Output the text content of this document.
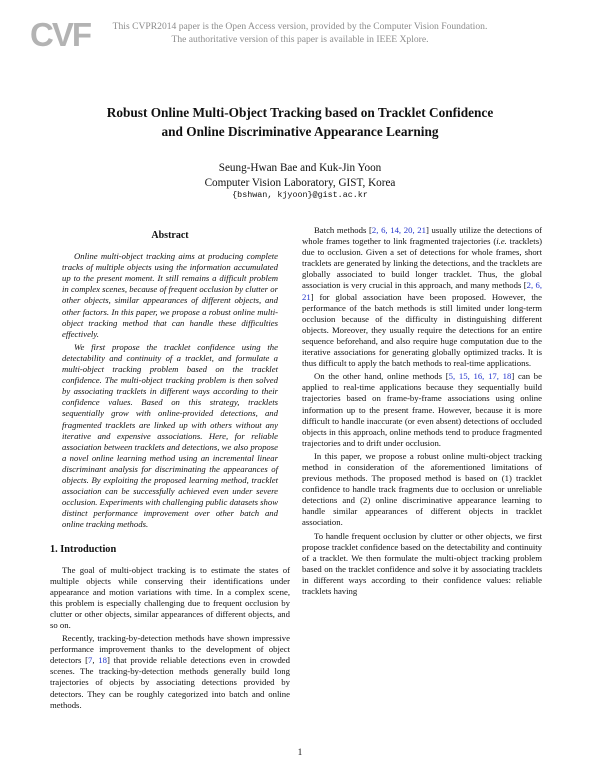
CVF This CVPR2014 paper is the Open Access version, provided by the Computer Vision Foundation.
The authoritative version of this paper is available in IEEE Xplore.
Robust Online Multi-Object Tracking based on Tracklet Confidence
and Online Discriminative Appearance Learning
Seung-Hwan Bae and Kuk-Jin Yoon
Computer Vision Laboratory, GIST, Korea
{bshwan, kjyoon}@gist.ac.kr
Abstract

Online multi-object tracking aims at producing complete tracks of multiple objects using the information accumulated up to the present moment. It still remains a difficult problem in complex scenes, because of frequent occlusion by clutter or other objects, similar appearances of different objects, and other factors. In this paper, we propose a robust online multi-object tracking method that can handle these difficulties effectively.

We first propose the tracklet confidence using the detectability and continuity of a tracklet, and formulate a multi-object tracking problem based on the tracklet confidence. The multi-object tracking problem is then solved by associating tracklets in different ways according to their confidence values. Based on this strategy, tracklets sequentially grow with online-provided detections, and fragmented tracklets are linked up with others without any iterative and expensive associations. Here, for reliable association between tracklets and detections, we also propose a novel online learning method using an incremental linear discriminant analysis for discriminating the appearances of objects. By exploiting the proposed learning method, tracklet association can be successfully achieved even under severe occlusion. Experiments with challenging public datasets show distinct performance improvement over other batch and online tracking methods.

1. Introduction

The goal of multi-object tracking is to estimate the states of multiple objects while conserving their identifications under appearance and motion variations with time. In a complex scene, this problem is especially challenging due to frequent occlusion by clutter or other objects, similar appearances of different objects, and so on.

Recently, tracking-by-detection methods have shown impressive performance improvement thanks to the development of object detectors [7, 18] that provide reliable detections even in crowded scenes. The tracking-by-detection methods generally build long trajectories of objects by associating detections provided by detectors. They can be roughly categorized into batch and online methods.

Batch methods [2, 6, 14, 20, 21] usually utilize the detections of whole frames together to link fragmented trajectories (i.e. tracklets) due to occlusion. Given a set of detections for whole frames, short tracklets are generated by linking the detections, and the tracklets are globally associated to build longer tracklet. Thus, the global association is very crucial in this approach, and many methods [2, 6, 21] for global association have been proposed. However, the performance of the batch methods is still limited under long-term occlusion because of the difficulty in distinguishing different objects. Moreover, they usually require the detections for an entire sequence beforehand, and also require huge computation due to the iterative associations for generating globally optimized tracks. It is thus difficult to apply the batch methods to real-time applications.

On the other hand, online methods [5, 15, 16, 17, 18] can be applied to real-time applications because they sequentially build trajectories based on frame-by-frame associations using online information up to the present frame. However, because it is more difficult to handle inaccurate (or even absent) detections of occluded objects in this approach, online methods tend to produce fragmented trajectories and to drift under occlusion.

In this paper, we propose a robust online multi-object tracking method in consideration of the aforementioned limitations of previous methods. The proposed method is based on (1) tracklet confidence to handle track fragments due to occlusion or unreliable detections and (2) online discriminative appearance learning to handle similar appearances of different objects in tracklet association.

To handle frequent occlusion by clutter or other objects, we first propose tracklet confidence based on the detectability and continuity of a tracklet. We then formulate the multi-object tracking problem based on the tracklet confidence and solve it by associating tracklets in different ways according to their confidence values: reliable tracklets having

1
